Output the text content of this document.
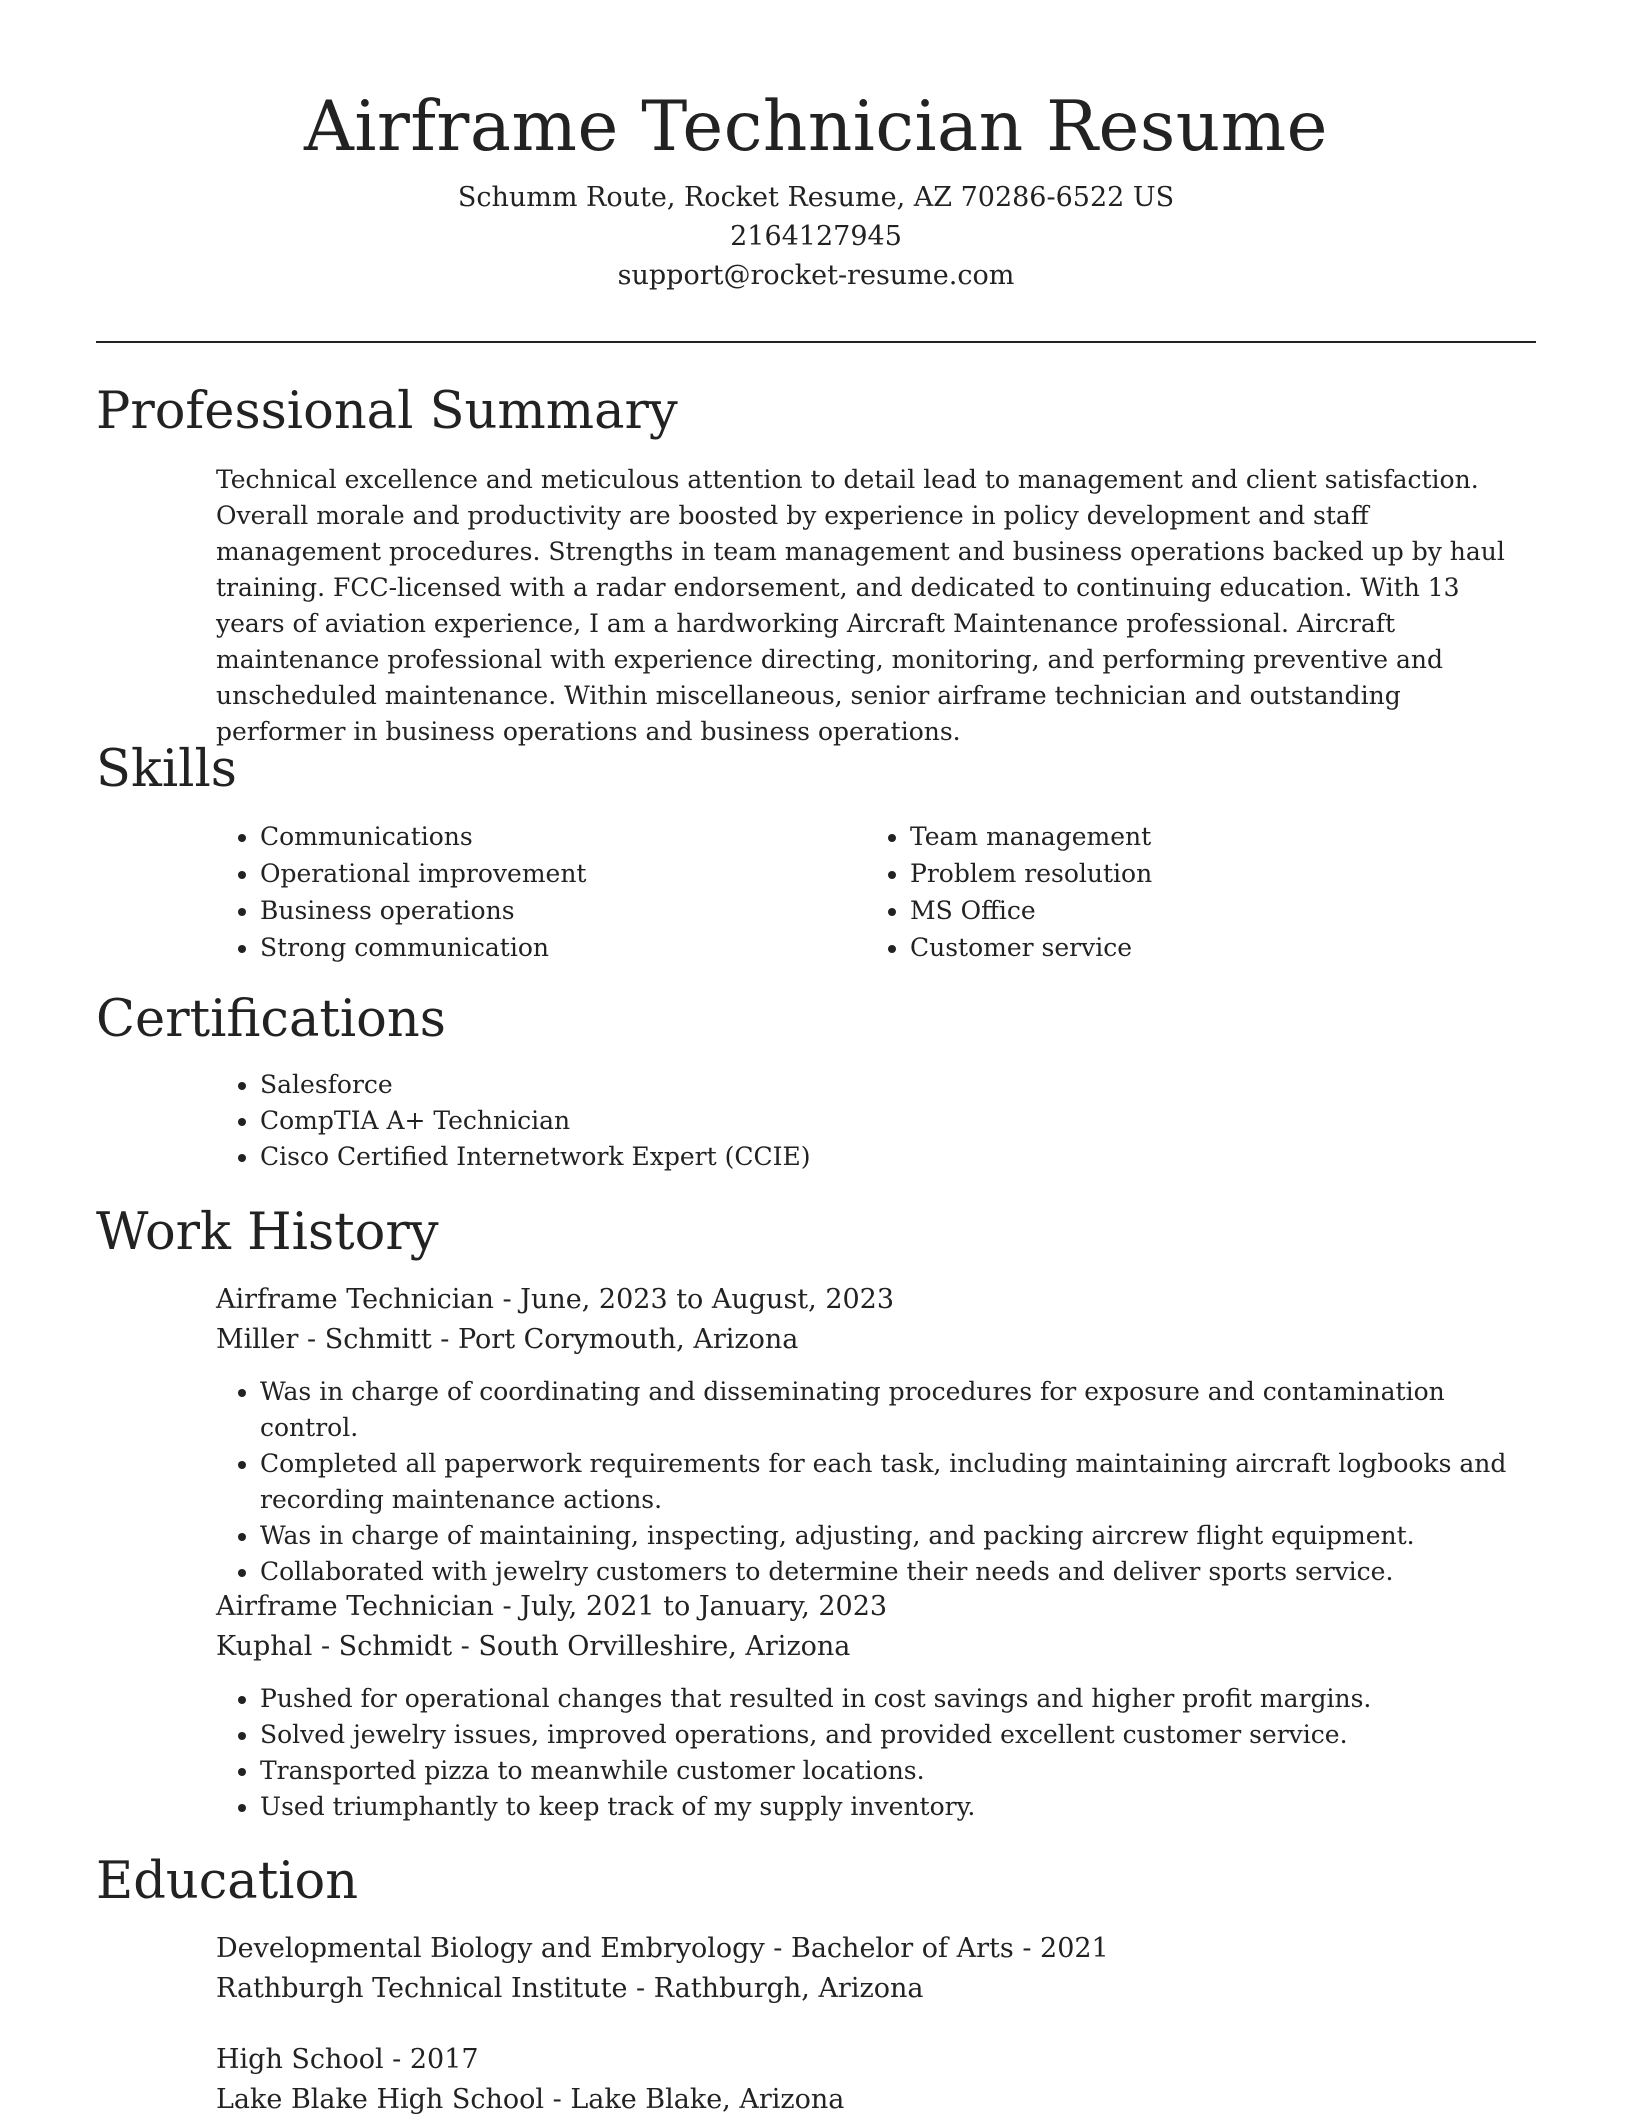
Airframe Technician Resume
Schumm Route, Rocket Resume, AZ 70286-6522 US
2164127945
support@rocket-resume.com
Professional Summary
Technical excellence and meticulous attention to detail lead to management and client satisfaction. Overall morale and productivity are boosted by experience in policy development and staff management procedures. Strengths in team management and business operations backed up by haul training. FCC-licensed with a radar endorsement, and dedicated to continuing education. With 13 years of aviation experience, I am a hardworking Aircraft Maintenance professional. Aircraft maintenance professional with experience directing, monitoring, and performing preventive and unscheduled maintenance. Within miscellaneous, senior airframe technician and outstanding performer in business operations and business operations.
Skills
• Communications
• Operational improvement
• Business operations
• Strong communication
• Team management
• Problem resolution
• MS Office
• Customer service
Certifications
• Salesforce
• CompTIA A+ Technician
• Cisco Certified Internetwork Expert (CCIE)
Work History
Airframe Technician - June, 2023 to August, 2023
Miller - Schmitt - Port Corymouth, Arizona
• Was in charge of coordinating and disseminating procedures for exposure and contamination control.
• Completed all paperwork requirements for each task, including maintaining aircraft logbooks and recording maintenance actions.
• Was in charge of maintaining, inspecting, adjusting, and packing aircrew flight equipment.
• Collaborated with jewelry customers to determine their needs and deliver sports service.
Airframe Technician - July, 2021 to January, 2023
Kuphal - Schmidt - South Orvilleshire, Arizona
• Pushed for operational changes that resulted in cost savings and higher profit margins.
• Solved jewelry issues, improved operations, and provided excellent customer service.
• Transported pizza to meanwhile customer locations.
• Used triumphantly to keep track of my supply inventory.
Education
Developmental Biology and Embryology - Bachelor of Arts - 2021
Rathburgh Technical Institute - Rathburgh, Arizona
High School - 2017
Lake Blake High School - Lake Blake, Arizona
